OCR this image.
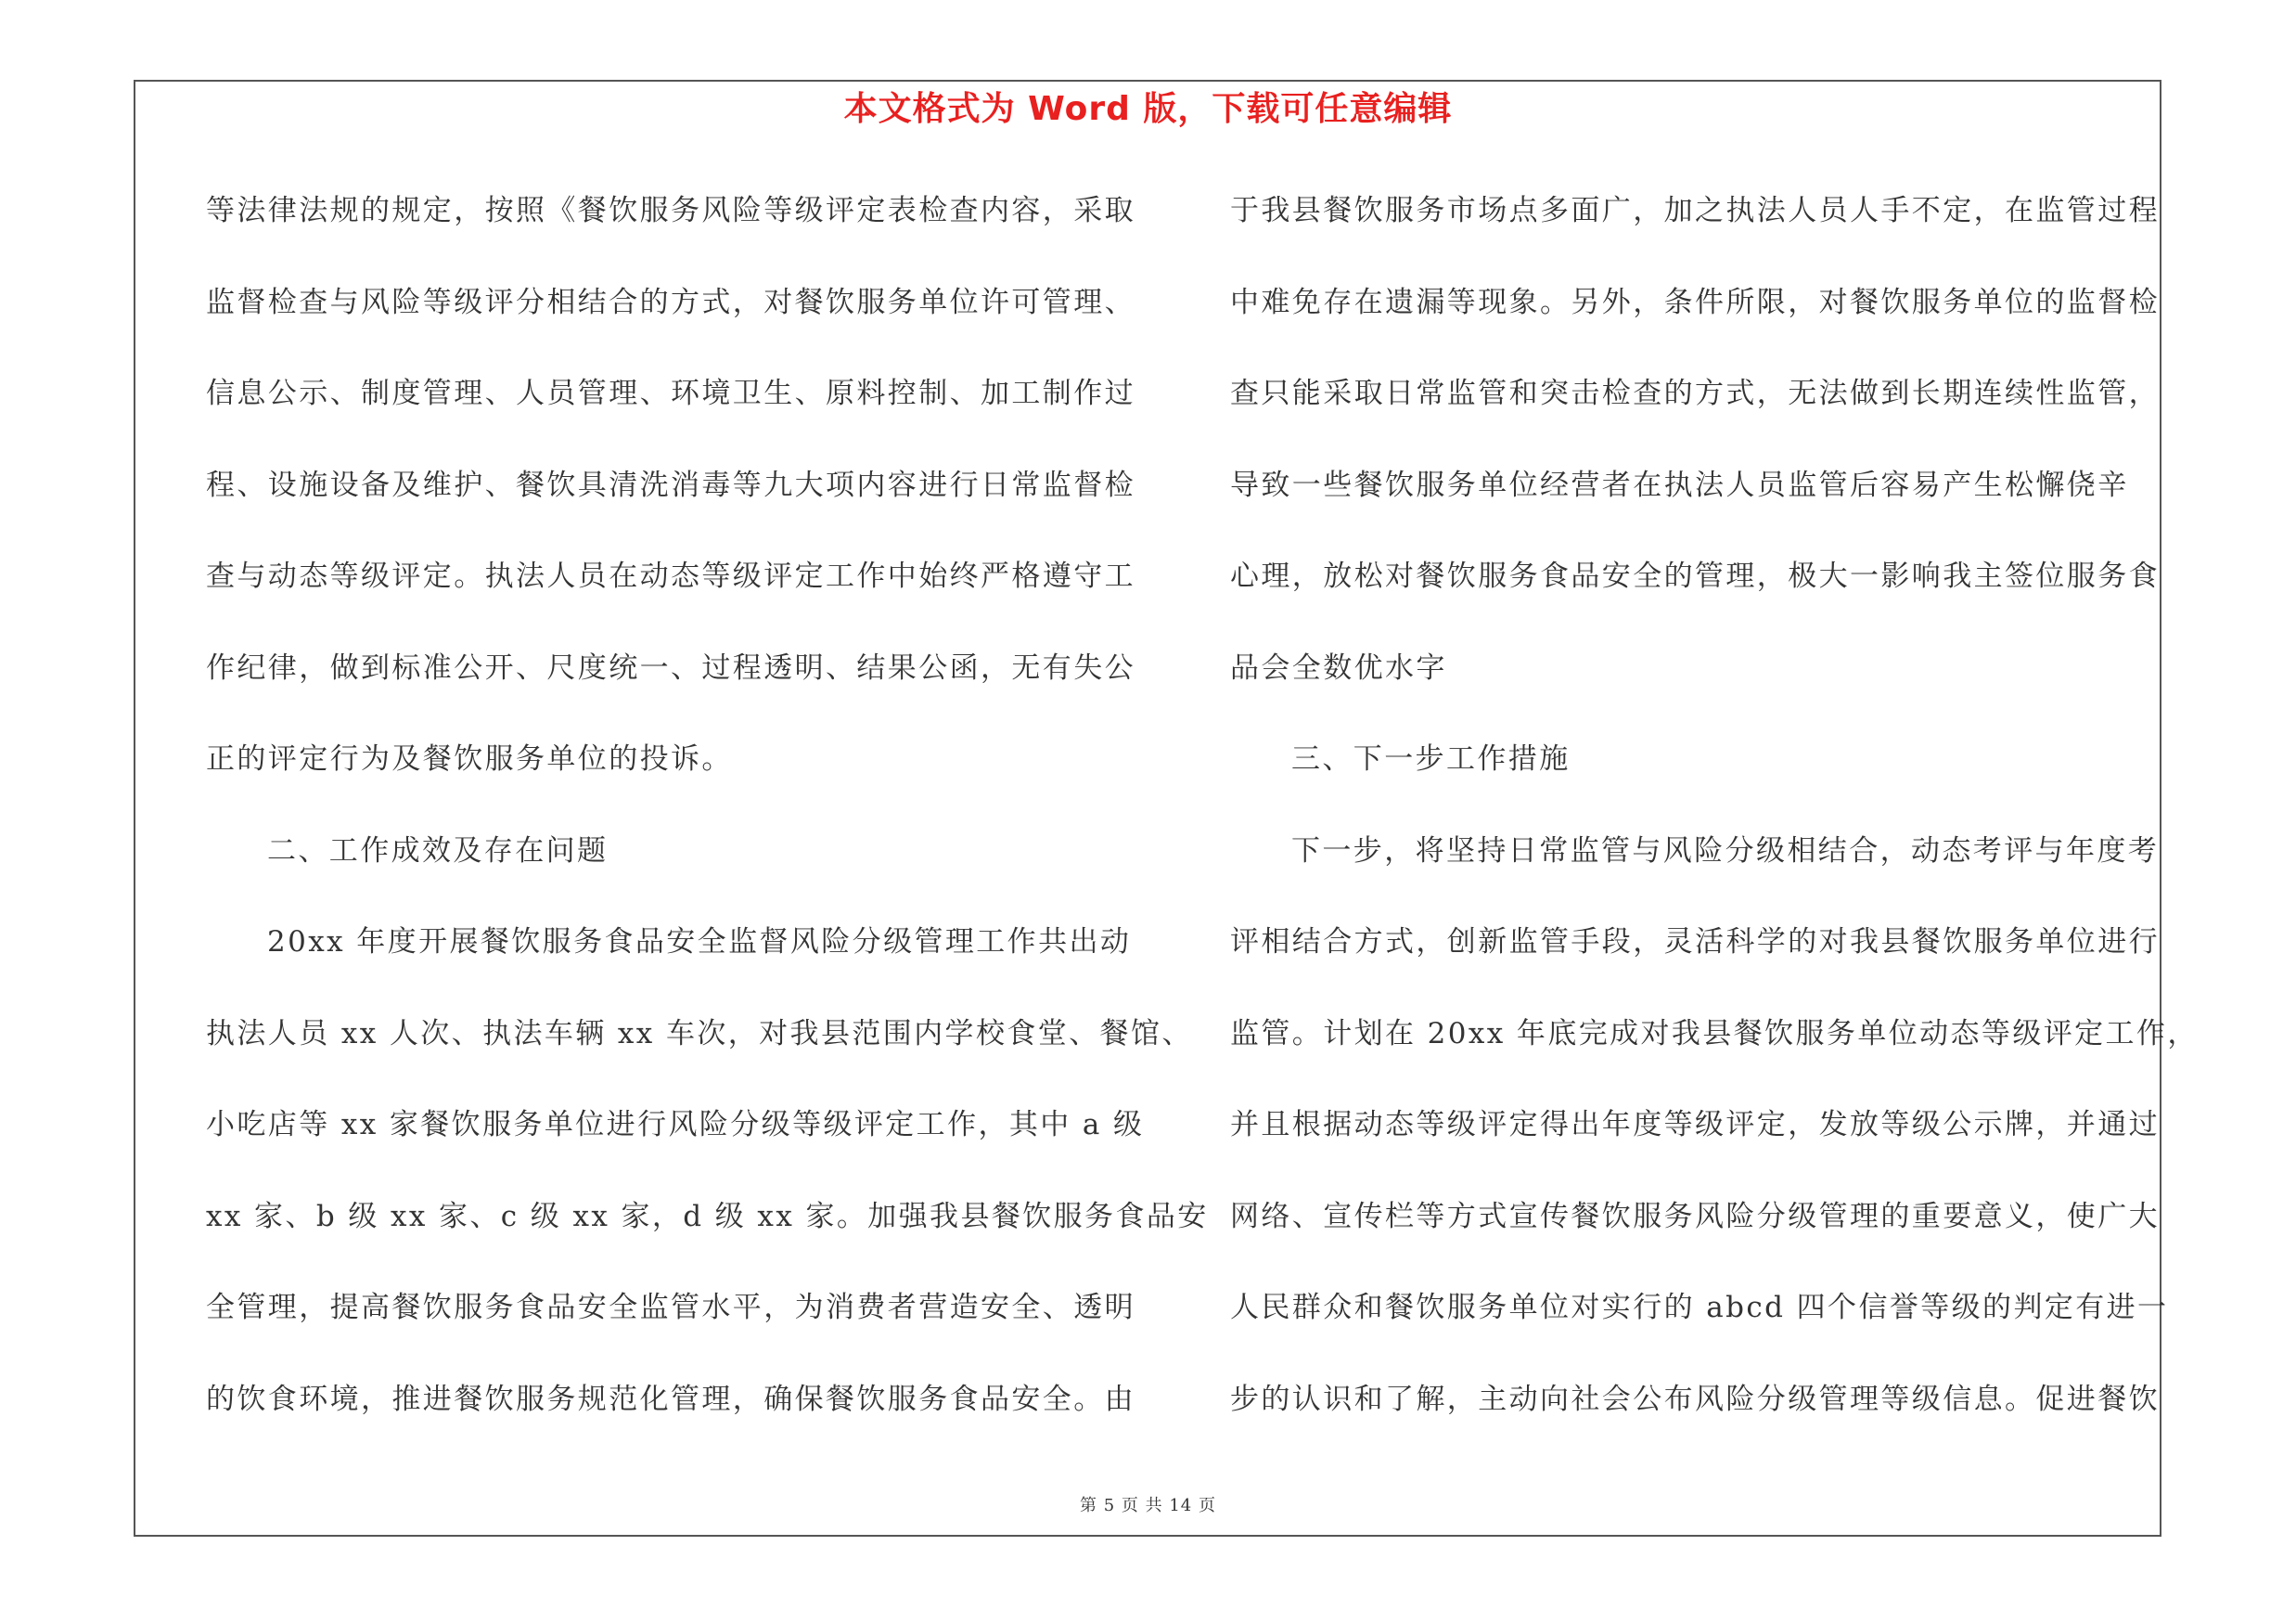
本文格式为 Word 版，下载可任意编辑
等法律法规的规定，按照《餐饮服务风险等级评定表检查内容，采取
监督检查与风险等级评分相结合的方式，对餐饮服务单位许可管理、
信息公示、制度管理、人员管理、环境卫生、原料控制、加工制作过
程、设施设备及维护、餐饮具清洗消毒等九大项内容进行日常监督检
查与动态等级评定。执法人员在动态等级评定工作中始终严格遵守工
作纪律，做到标准公开、尺度统一、过程透明、结果公函，无有失公
正的评定行为及餐饮服务单位的投诉。
二、工作成效及存在问题
20xx 年度开展餐饮服务食品安全监督风险分级管理工作共出动
执法人员 xx 人次、执法车辆 xx 车次，对我县范围内学校食堂、餐馆、
小吃店等 xx 家餐饮服务单位进行风险分级等级评定工作，其中 a 级
xx 家、b 级 xx 家、c 级 xx 家，d 级 xx 家。加强我县餐饮服务食品安
全管理，提高餐饮服务食品安全监管水平，为消费者营造安全、透明
的饮食环境，推进餐饮服务规范化管理，确保餐饮服务食品安全。由
于我县餐饮服务市场点多面广，加之执法人员人手不定，在监管过程
中难免存在遗漏等现象。另外，条件所限，对餐饮服务单位的监督检
查只能采取日常监管和突击检查的方式，无法做到长期连续性监管，
导致一些餐饮服务单位经营者在执法人员监管后容易产生松懈侥辛
心理，放松对餐饮服务食品安全的管理，极大一影响我主签位服务食
品会全数优水字
三、下一步工作措施
下一步，将坚持日常监管与风险分级相结合，动态考评与年度考
评相结合方式，创新监管手段，灵活科学的对我县餐饮服务单位进行
监管。计划在 20xx 年底完成对我县餐饮服务单位动态等级评定工作，
并且根据动态等级评定得出年度等级评定，发放等级公示牌，并通过
网络、宣传栏等方式宣传餐饮服务风险分级管理的重要意义，使广大
人民群众和餐饮服务单位对实行的 abcd 四个信誉等级的判定有进一
步的认识和了解，主动向社会公布风险分级管理等级信息。促进餐饮
第 5 页 共 14 页
